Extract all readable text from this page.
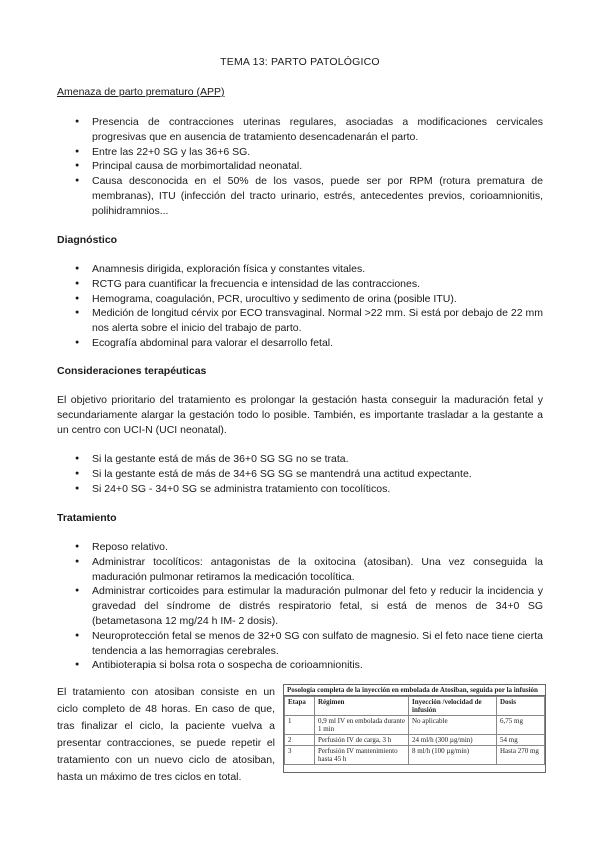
TEMA 13: PARTO PATOLÓGICO
Amenaza de parto prematuro (APP)
● Presencia de contracciones uterinas regulares, asociadas a modificaciones cervicales progresivas que en ausencia de tratamiento desencadenarán el parto.
● Entre las 22+0 SG y las 36+6 SG.
● Principal causa de morbimortalidad neonatal.
● Causa desconocida en el 50% de los vasos, puede ser por RPM (rotura prematura de membranas), ITU (infección del tracto urinario, estrés, antecedentes previos, corioamnionitis, polihidramnios...
Diagnóstico
● Anamnesis dirigida, exploración física y constantes vitales.
● RCTG para cuantificar la frecuencia e intensidad de las contracciones.
● Hemograma, coagulación, PCR, urocultivo y sedimento de orina (posible ITU).
● Medición de longitud cérvix por ECO transvaginal. Normal >22 mm. Si está por debajo de 22 mm nos alerta sobre el inicio del trabajo de parto.
● Ecografía abdominal para valorar el desarrollo fetal.
Consideraciones terapéuticas

El objetivo prioritario del tratamiento es prolongar la gestación hasta conseguir la maduración fetal y secundariamente alargar la gestación todo lo posible. También, es importante trasladar a la gestante a un centro con UCI-N (UCI neonatal).

● Si la gestante está de más de 36+0 SG SG no se trata.
● Si la gestante está de más de 34+6 SG SG se mantendrá una actitud expectante.
● Si 24+0 SG - 34+0 SG se administra tratamiento con tocolíticos.
Tratamiento
● Reposo relativo.
● Administrar tocolíticos: antagonistas de la oxitocina (atosiban). Una vez conseguida la maduración pulmonar retiramos la medicación tocolítica.
● Administrar corticoides para estimular la maduración pulmonar del feto y reducir la incidencia y gravedad del síndrome de distrés respiratorio fetal, si está de menos de 34+0 SG (betametasona 12 mg/24 h IM- 2 dosis).
● Neuroprotección fetal se menos de 32+0 SG con sulfato de magnesio. Si el feto nace tiene cierta tendencia a las hemorragias cerebrales.
● Antibioterapia si bolsa rota o sospecha de corioamnionitis.

El tratamiento con atosiban consiste en un ciclo completo de 48 horas. En caso de que, tras finalizar el ciclo, la paciente vuelva a presentar contracciones, se puede repetir el tratamiento con un nuevo ciclo de atosiban, hasta un máximo de tres ciclos en total.

Posología completa de la inyección en embolada de Atosiban, seguida por la infusión
Etapa	Régimen	Inyección /velocidad de infusión	Dosis
1	0,9 ml IV en embolada durante 1 min	No aplicable	6,75 mg
2	Perfusión IV de carga, 3 h	24 ml/h (300 µg/min)	54 mg
3	Perfusión IV mantenimiento hasta 45 h	8 ml/h (100 µg/min)	Hasta 270 mg
